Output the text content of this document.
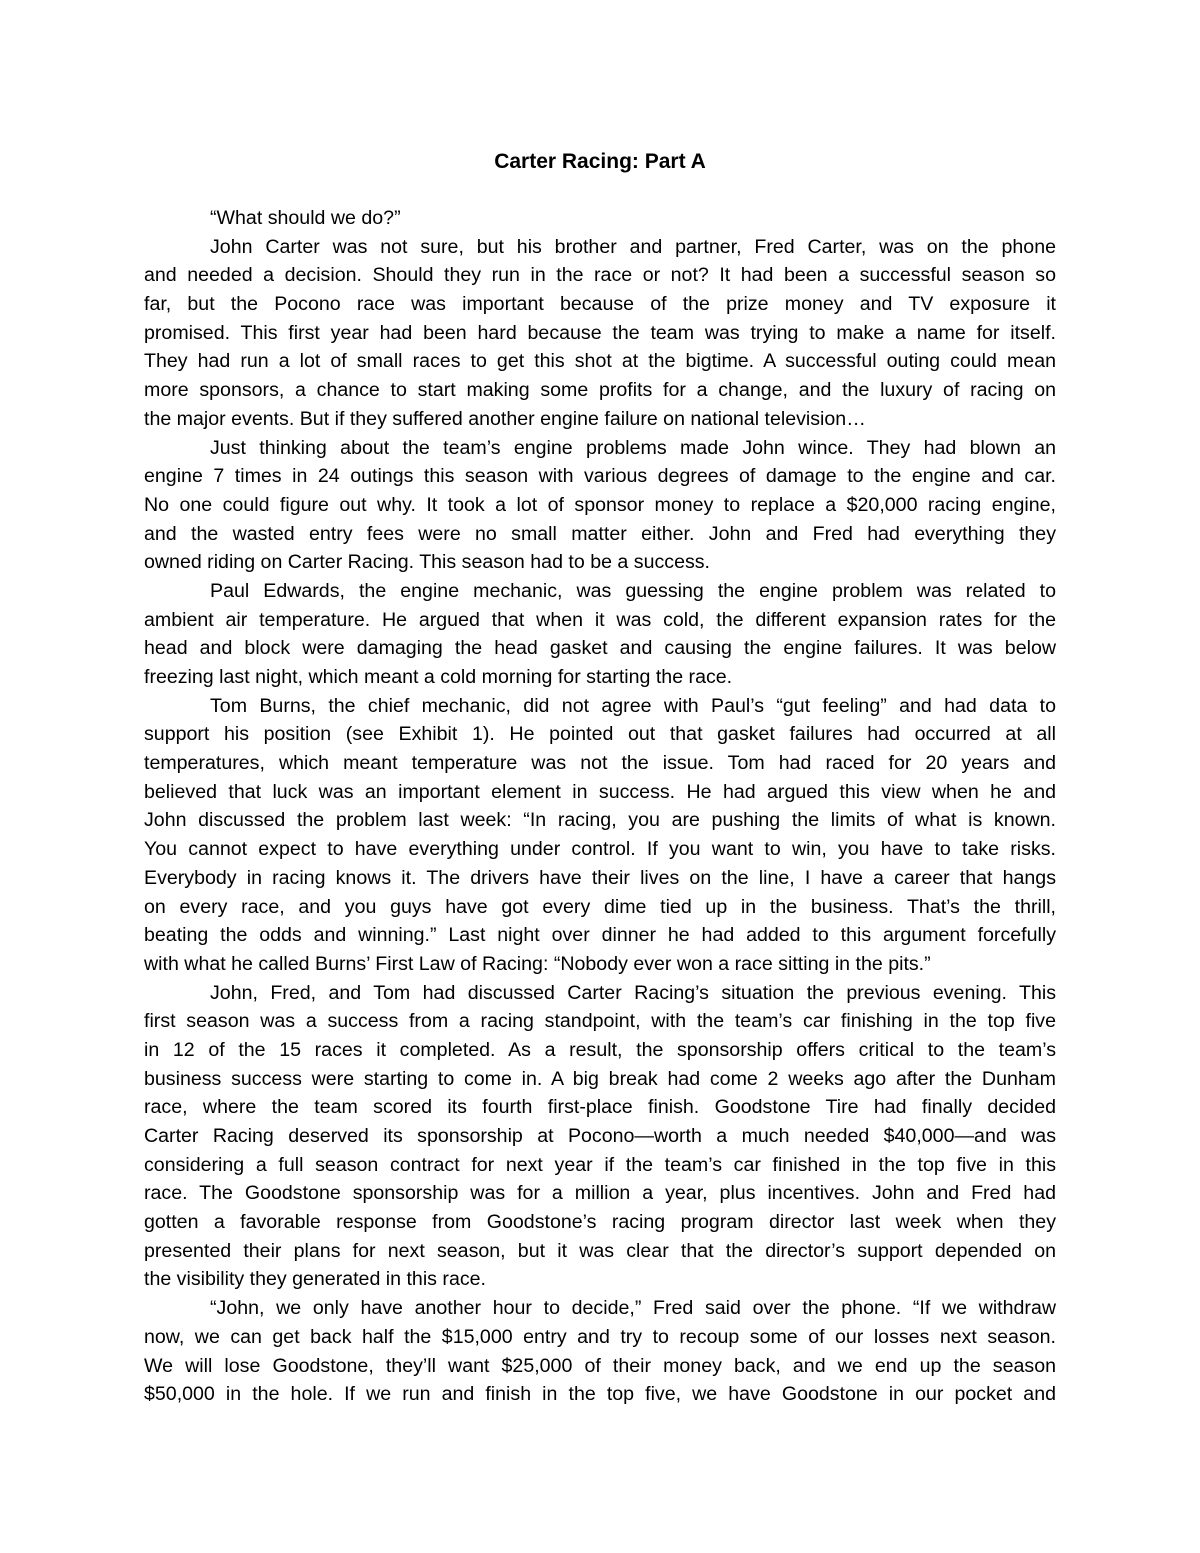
Carter Racing: Part A
“What should we do?”
John Carter was not sure, but his brother and partner, Fred Carter, was on the phone
and needed a decision. Should they run in the race or not? It had been a successful season so
far, but the Pocono race was important because of the prize money and TV exposure it
promised. This first year had been hard because the team was trying to make a name for itself.
They had run a lot of small races to get this shot at the bigtime. A successful outing could mean
more sponsors, a chance to start making some profits for a change, and the luxury of racing on
the major events. But if they suffered another engine failure on national television…
Just thinking about the team’s engine problems made John wince. They had blown an
engine 7 times in 24 outings this season with various degrees of damage to the engine and car.
No one could figure out why. It took a lot of sponsor money to replace a $20,000 racing engine,
and the wasted entry fees were no small matter either. John and Fred had everything they
owned riding on Carter Racing. This season had to be a success.
Paul Edwards, the engine mechanic, was guessing the engine problem was related to
ambient air temperature. He argued that when it was cold, the different expansion rates for the
head and block were damaging the head gasket and causing the engine failures. It was below
freezing last night, which meant a cold morning for starting the race.
Tom Burns, the chief mechanic, did not agree with Paul’s “gut feeling” and had data to
support his position (see Exhibit 1). He pointed out that gasket failures had occurred at all
temperatures, which meant temperature was not the issue. Tom had raced for 20 years and
believed that luck was an important element in success. He had argued this view when he and
John discussed the problem last week: “In racing, you are pushing the limits of what is known.
You cannot expect to have everything under control. If you want to win, you have to take risks.
Everybody in racing knows it. The drivers have their lives on the line, I have a career that hangs
on every race, and you guys have got every dime tied up in the business. That’s the thrill,
beating the odds and winning.” Last night over dinner he had added to this argument forcefully
with what he called Burns’ First Law of Racing: “Nobody ever won a race sitting in the pits.”
John, Fred, and Tom had discussed Carter Racing’s situation the previous evening. This
first season was a success from a racing standpoint, with the team’s car finishing in the top five
in 12 of the 15 races it completed. As a result, the sponsorship offers critical to the team’s
business success were starting to come in. A big break had come 2 weeks ago after the Dunham
race, where the team scored its fourth first-place finish. Goodstone Tire had finally decided
Carter Racing deserved its sponsorship at Pocono—worth a much needed $40,000—and was
considering a full season contract for next year if the team’s car finished in the top five in this
race. The Goodstone sponsorship was for a million a year, plus incentives. John and Fred had
gotten a favorable response from Goodstone’s racing program director last week when they
presented their plans for next season, but it was clear that the director’s support depended on
the visibility they generated in this race.
“John, we only have another hour to decide,” Fred said over the phone. “If we withdraw
now, we can get back half the $15,000 entry and try to recoup some of our losses next season.
We will lose Goodstone, they’ll want $25,000 of their money back, and we end up the season
$50,000 in the hole. If we run and finish in the top five, we have Goodstone in our pocket and
